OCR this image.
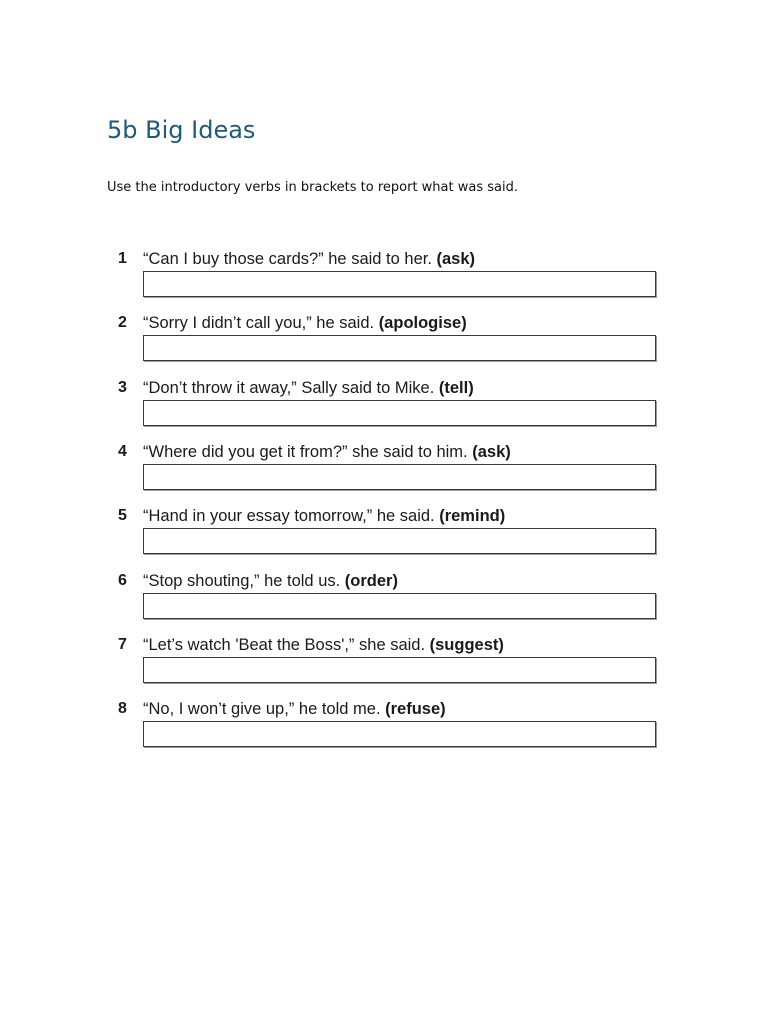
5b Big Ideas

Use the introductory verbs in brackets to report what was said.

1 “Can I buy those cards?” he said to her. (ask)
2 “Sorry I didn’t call you,” he said. (apologise)
3 “Don’t throw it away,” Sally said to Mike. (tell)
4 “Where did you get it from?” she said to him. (ask)
5 “Hand in your essay tomorrow,” he said. (remind)
6 “Stop shouting,” he told us. (order)
7 “Let’s watch 'Beat the Boss',” she said. (suggest)
8 “No, I won’t give up,” he told me. (refuse)
